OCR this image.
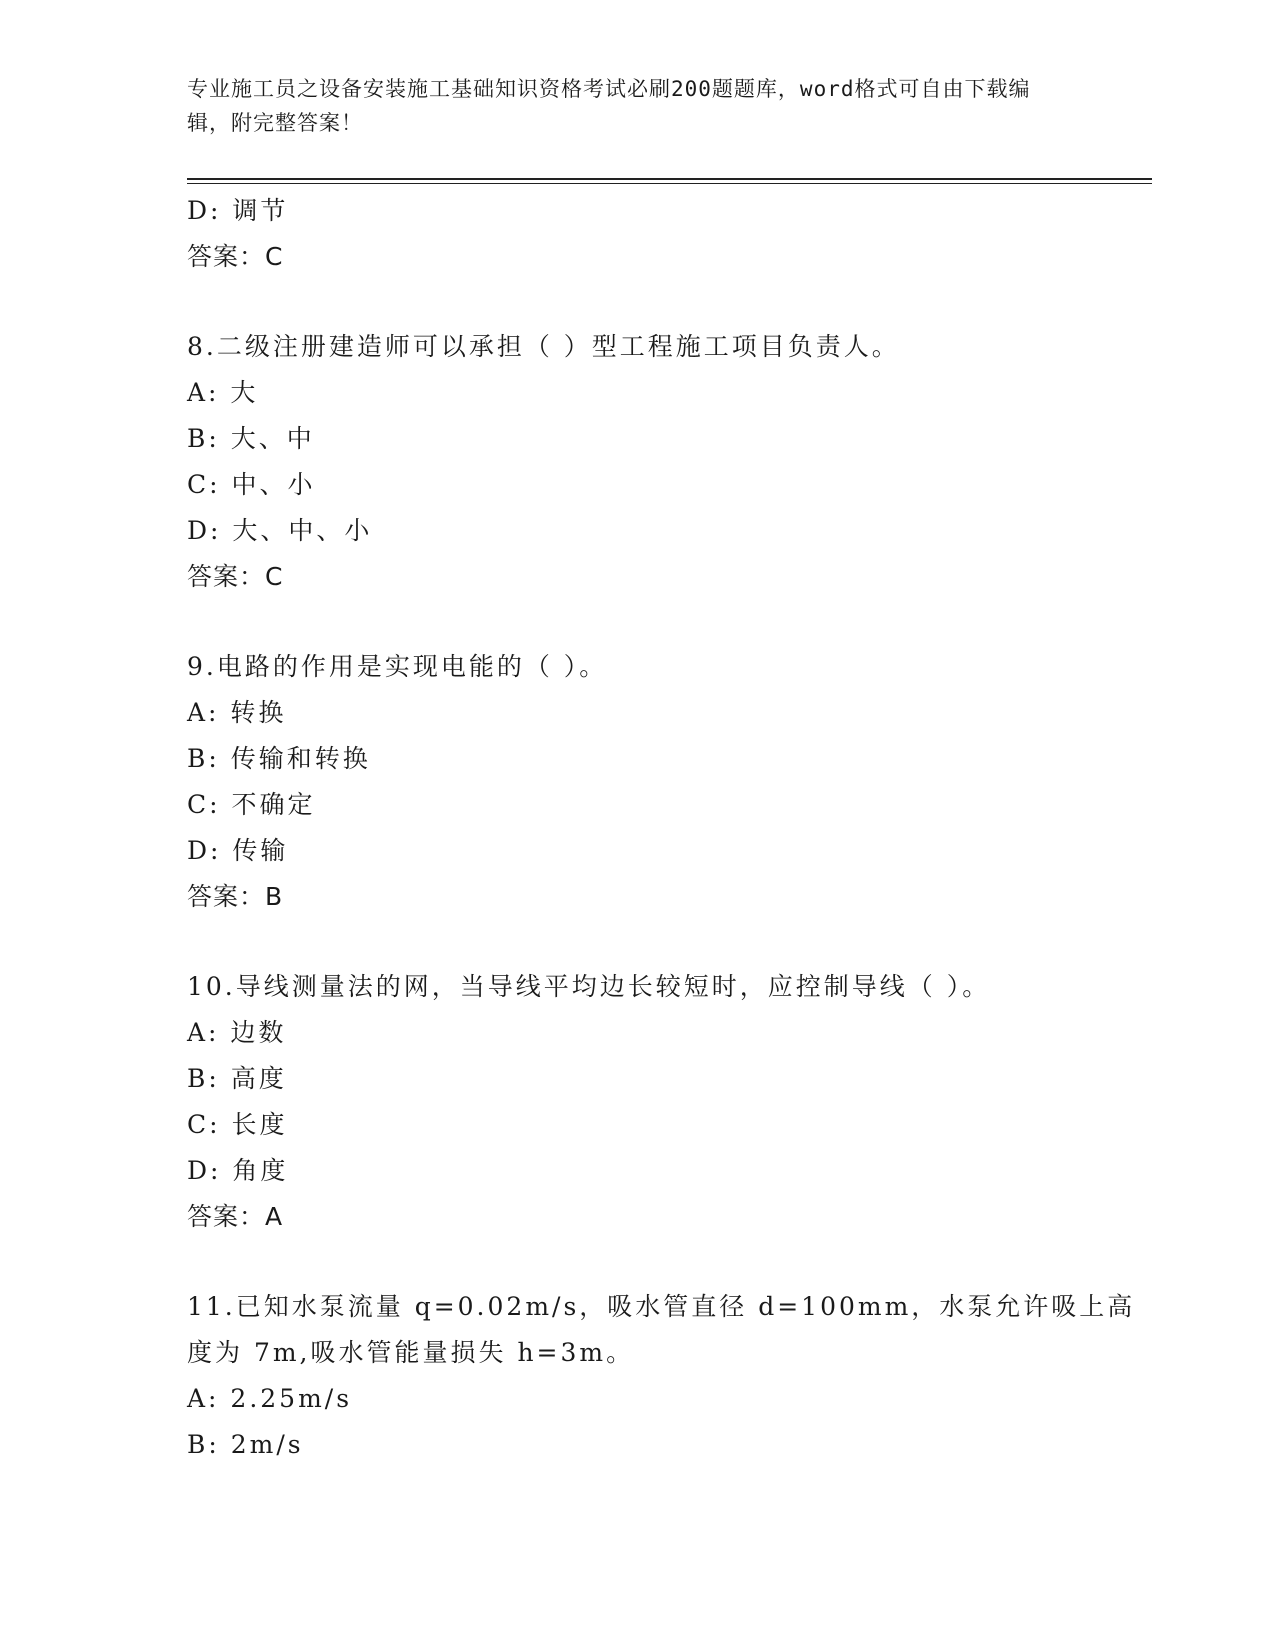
专业施工员之设备安装施工基础知识资格考试必刷200题题库，word格式可自由下载编辑，附完整答案！
D: 调节
答案：C
8.二级注册建造师可以承担（ ）型工程施工项目负责人。
A: 大
B: 大、中
C: 中、小
D: 大、中、小
答案：C
9.电路的作用是实现电能的（ ）。
A: 转换
B: 传输和转换
C: 不确定
D: 传输
答案：B
10.导线测量法的网，当导线平均边长较短时，应控制导线（ ）。
A: 边数
B: 高度
C: 长度
D: 角度
答案：A
11.已知水泵流量 q=0.02m/s，吸水管直径 d=100mm，水泵允许吸上高
度为 7m,吸水管能量损失 h=3m。
A: 2.25m/s
B: 2m/s
